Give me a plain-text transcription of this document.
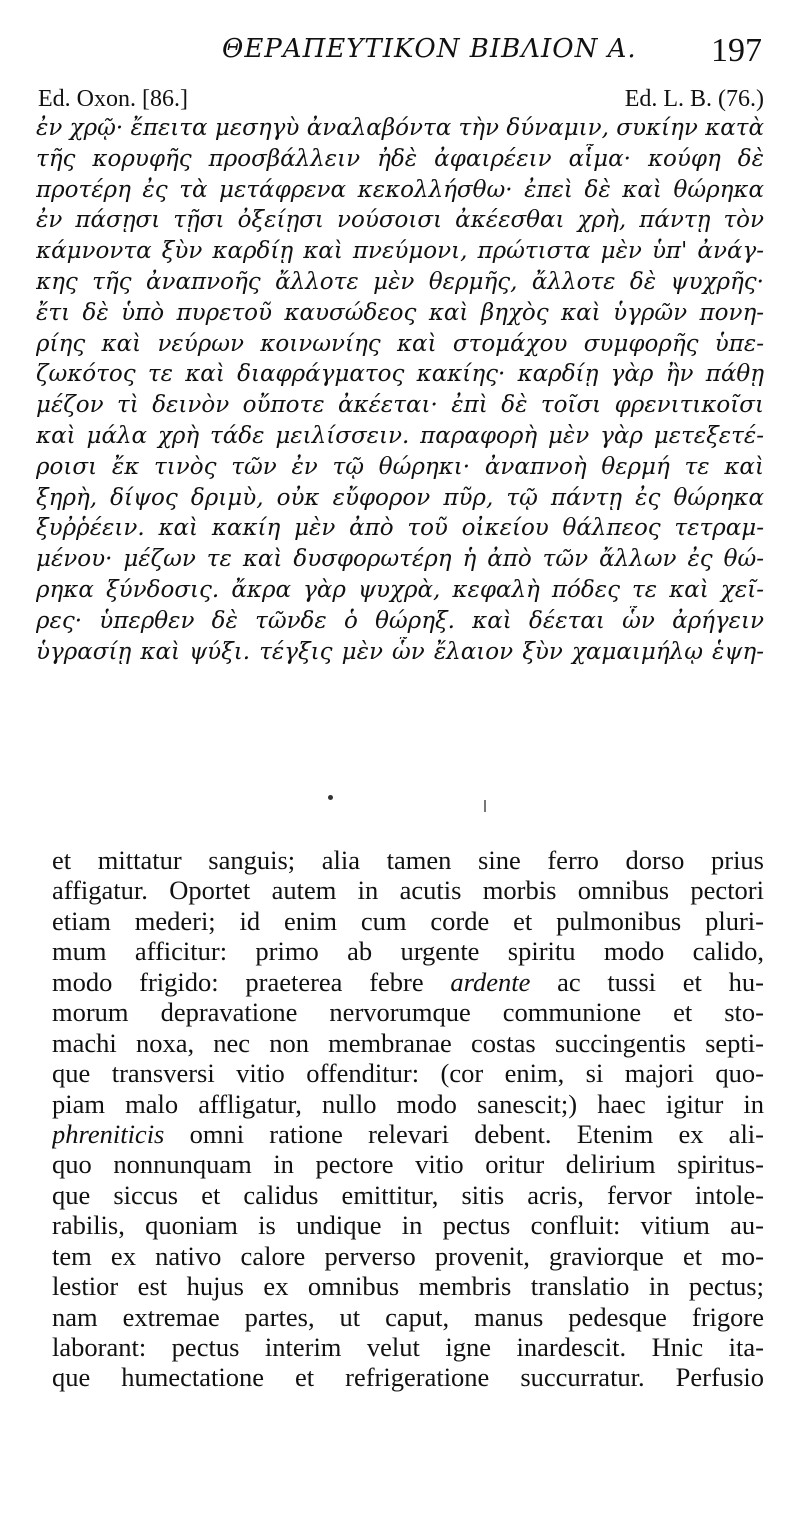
ΘΕΡΑΠΕΥΤΙΚΟΝ ΒΙΒΛΙΟΝ Α. 197
Ed. Oxon. [86.]	Ed. L. B. (76.)
ἐν χρῷ· ἔπειτα μεσηγὺ ἀναλαβόντα τὴν δύναμιν, συκίην κατὰ
τῆς κορυφῆς προσβάλλειν ἠδὲ ἀφαιρέειν αἷμα· κούφη δὲ
προτέρη ἐς τὰ μετάφρενα κεκολλήσθω· ἐπεὶ δὲ καὶ θώρηκα
ἐν πάσῃσι τῇσι ὀξείῃσι νούσοισι ἀκέεσθαι χρὴ, πάντῃ τὸν
κάμνοντα ξὺν καρδίῃ καὶ πνεύμονι, πρώτιστα μὲν ὑπ' ἀνάγ-
κης τῆς ἀναπνοῆς ἄλλοτε μὲν θερμῆς, ἄλλοτε δὲ ψυχρῆς·
ἔτι δὲ ὑπὸ πυρετοῦ καυσώδεος καὶ βηχὸς καὶ ὑγρῶν πονη-
ρίης καὶ νεύρων κοινωνίης καὶ στομάχου συμφορῆς ὑπε-
ζωκότος τε καὶ διαφράγματος κακίης· καρδίῃ γὰρ ἢν πάθῃ
μέζον τὶ δεινὸν οὔποτε ἀκέεται· ἐπὶ δὲ τοῖσι φρενιτικοῖσι
καὶ μάλα χρὴ τάδε μειλίσσειν. παραφορὴ μὲν γὰρ μετεξετέ-
ροισι ἔκ τινὸς τῶν ἐν τῷ θώρηκι· ἀναπνοὴ θερμή τε καὶ
ξηρὴ, δίψος δριμὺ, οὐκ εὔφορον πῦρ, τῷ πάντῃ ἐς θώρηκα
ξυῤῥέειν. καὶ κακίη μὲν ἀπὸ τοῦ οἰκείου θάλπεος τετραμ-
μένου· μέζων τε καὶ δυσφορωτέρη ἡ ἀπὸ τῶν ἄλλων ἐς θώ-
ρηκα ξύνδοσις. ἄκρα γὰρ ψυχρὰ, κεφαλὴ πόδες τε καὶ χεῖ-
ρες· ὑπερθεν δὲ τῶνδε ὁ θώρηξ. καὶ δέεται ὧν ἀρήγειν
ὑγρασίῃ καὶ ψύξι. τέγξις μὲν ὧν ἔλαιον ξὺν χαμαιμήλῳ ἑψη-
et mittatur sanguis; alia tamen sine ferro dorso prius
affigatur. Oportet autem in acutis morbis omnibus pectori
etiam mederi; id enim cum corde et pulmonibus pluri-
mum afficitur: primo ab urgente spiritu modo calido,
modo frigido: praeterea febre ardente ac tussi et hu-
morum depravatione nervorumque communione et sto-
machi noxa, nec non membranae costas succingentis septi-
que transversi vitio offenditur: (cor enim, si majori quo-
piam malo affligatur, nullo modo sanescit;) haec igitur in
phreniticis omni ratione relevari debent. Etenim ex ali-
quo nonnunquam in pectore vitio oritur delirium spiritus-
que siccus et calidus emittitur, sitis acris, fervor intole-
rabilis, quoniam is undique in pectus confluit: vitium au-
tem ex nativo calore perverso provenit, graviorque et mo-
lestior est hujus ex omnibus membris translatio in pectus;
nam extremae partes, ut caput, manus pedesque frigore
laborant: pectus interim velut igne inardescit. Hnic ita-
que humectatione et refrigeratione succurratur. Perfusio
